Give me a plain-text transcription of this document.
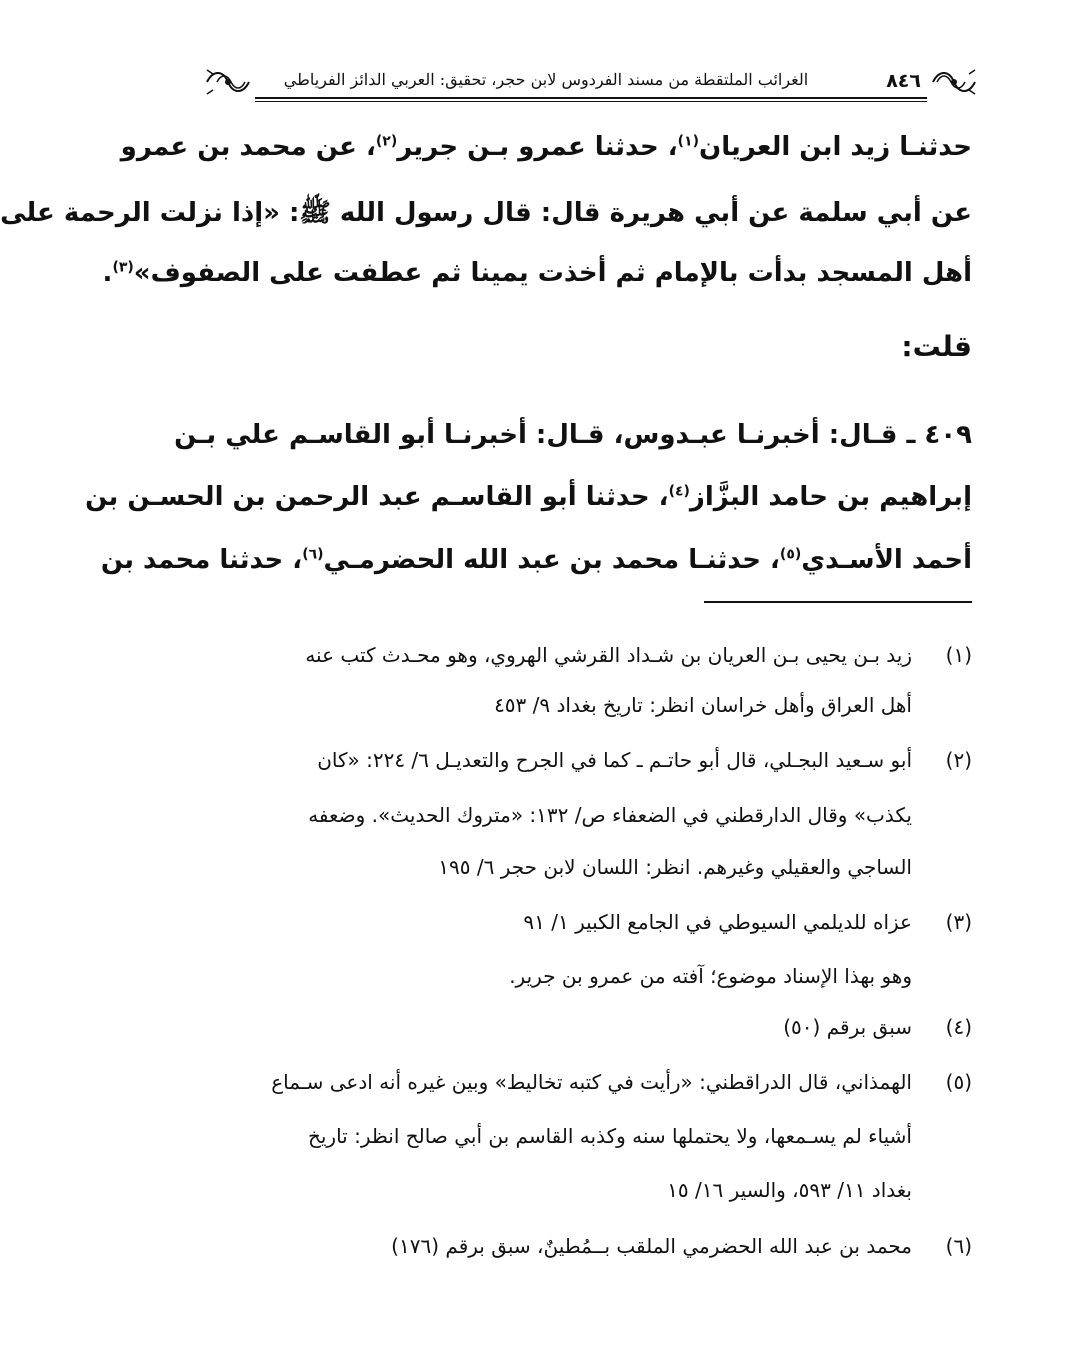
٨٤٦
الغرائب الملتقطة من مسند الفردوس لابن حجر، تحقيق: العربي الدائز الفرياطي
حدثنـا زيد ابن العريان$^{(١)}$، حدثنا عمرو بـن جرير$^{(٢)}$، عن محمد بن عمرو
عن أبي سلمة عن أبي هريرة قال: قال رسول الله ﷺ: «إذا نزلت الرحمة على
أهل المسجد بدأت بالإمام ثم أخذت يمينا ثم عطفت على الصفوف»$^{(٣)}$.
قلت:
٤٠٩ ـ قـال: أخبرنـا عبـدوس، قـال: أخبرنـا أبو القاسـم علي بـن
إبراهيم بن حامد البزَّاز$^{(٤)}$، حدثنا أبو القاسـم عبد الرحمن بن الحسـن بن
أحمد الأسـدي$^{(٥)}$، حدثنـا محمد بن عبد الله الحضرمـي$^{(٦)}$، حدثنا محمد بن
(١)زيد بـن يحيى بـن العريان بن شـداد القرشي الهروي، وهو محـدث كتب عنه
أهل العراق وأهل خراسان انظر: تاريخ بغداد ٩/ ٤٥٣
(٢)أبو سـعيد البجـلي، قال أبو حاتـم ـ كما في الجرح والتعديـل ٦/ ٢٢٤: «كان
يكذب» وقال الدارقطني في الضعفاء ص/ ١٣٢: «متروك الحديث». وضعفه
الساجي والعقيلي وغيرهم. انظر: اللسان لابن حجر ٦/ ١٩٥
(٣)عزاه للديلمي السيوطي في الجامع الكبير ١/ ٩١
وهو بهذا الإسناد موضوع؛ آفته من عمرو بن جرير.
(٤)سبق برقم (٥٠)
(٥)الهمذاني، قال الدراقطني: «رأيت في كتبه تخاليط» وبين غيره أنه ادعى سـماع
أشياء لم يسـمعها، ولا يحتملها سنه وكذبه القاسم بن أبي صالح انظر: تاريخ
بغداد ١١/ ٥٩٣، والسير ١٦/ ١٥
(٦)محمد بن عبد الله الحضرمي الملقب بــمُطينٌ، سبق برقم (١٧٦)
